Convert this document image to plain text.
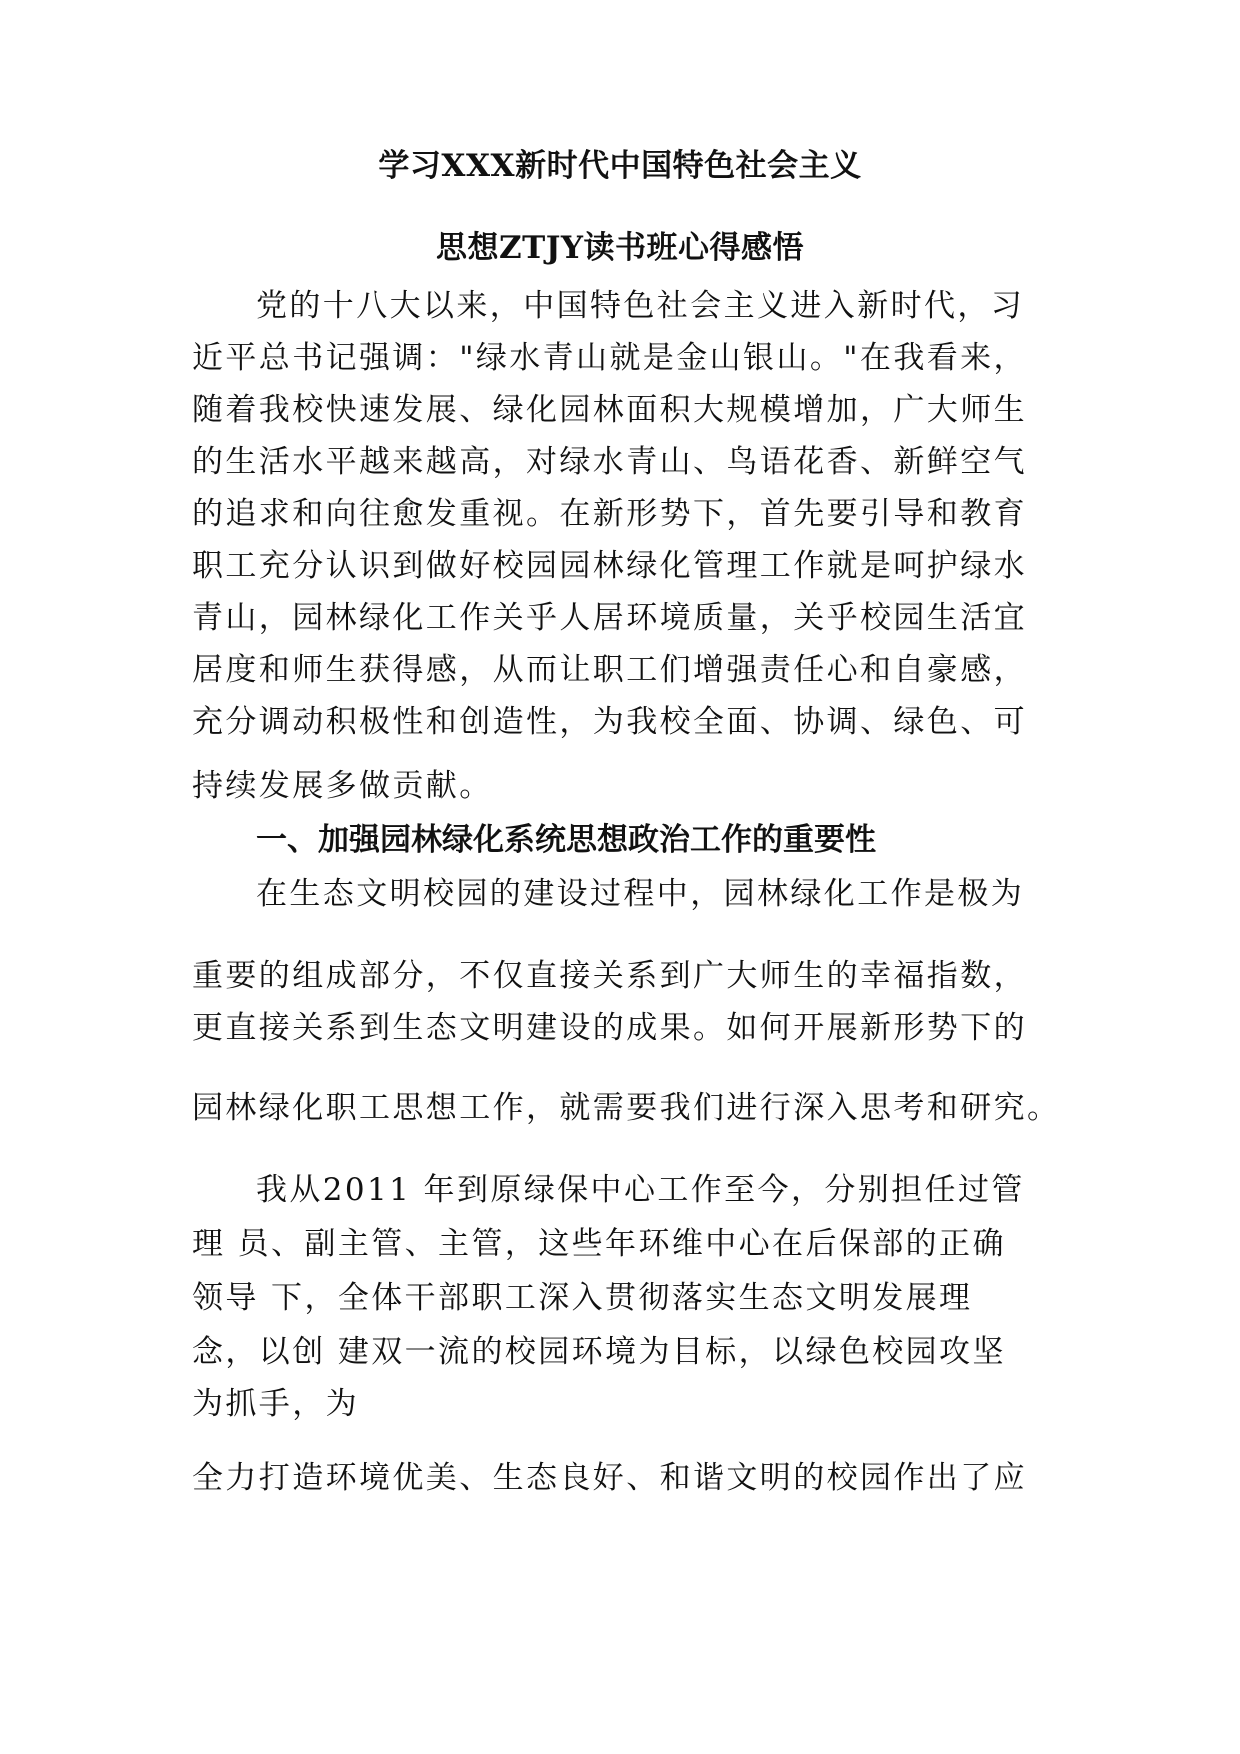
学习XXX新时代中国特色社会主义
思想ZTJY读书班心得感悟
党的十八大以来，中国特色社会主义进入新时代，习
近平总书记强调："绿水青山就是金山银山。"在我看来，
随着我校快速发展、绿化园林面积大规模增加，广大师生
的生活水平越来越高，对绿水青山、鸟语花香、新鲜空气
的追求和向往愈发重视。在新形势下，首先要引导和教育
职工充分认识到做好校园园林绿化管理工作就是呵护绿水
青山，园林绿化工作关乎人居环境质量，关乎校园生活宜
居度和师生获得感，从而让职工们增强责任心和自豪感，
充分调动积极性和创造性，为我校全面、协调、绿色、可
持续发展多做贡献。
一、加强园林绿化系统思想政治工作的重要性
在生态文明校园的建设过程中，园林绿化工作是极为
重要的组成部分，不仅直接关系到广大师生的幸福指数，
更直接关系到生态文明建设的成果。如何开展新形势下的
园林绿化职工思想工作，就需要我们进行深入思考和研究。
我从2011 年到原绿保中心工作至今，分别担任过管
理 员、副主管、主管，这些年环维中心在后保部的正确
领导 下，全体干部职工深入贯彻落实生态文明发展理
念，以创 建双一流的校园环境为目标，以绿色校园攻坚
为抓手，为
全力打造环境优美、生态良好、和谐文明的校园作出了应
